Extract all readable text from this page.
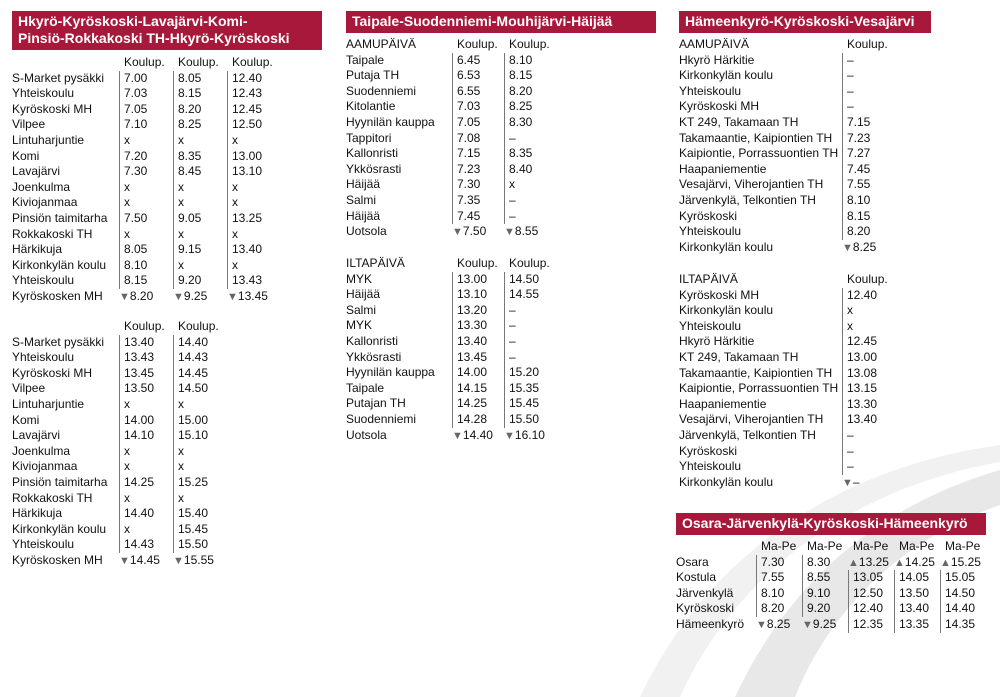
Hkyrö-Kyröskoski-Lavajärvi-Komi-
Pinsiö-Rokkakoski TH-Hkyrö-Kyröskoski
Koulup.	Koulup.	Koulup.
S-Market pysäkki	7.00	8.05	12.40
Yhteiskoulu	7.03	8.15	12.43
Kyröskoski MH	7.05	8.20	12.45
Vilpee	7.10	8.25	12.50
Lintuharjuntie	x	x	x
Komi	7.20	8.35	13.00
Lavajärvi	7.30	8.45	13.10
Joenkulma	x	x	x
Kiviojanmaa	x	x	x
Pinsiön taimitarha	7.50	9.05	13.25
Rokkakoski TH	x	x	x
Härkikuja	8.05	9.15	13.40
Kirkonkylän koulu	8.10	x	x
Yhteiskoulu	8.15	9.20	13.43
Kyröskosken MH	▼8.20	▼9.25	▼13.45
Koulup.	Koulup.
S-Market pysäkki	13.40	14.40
Yhteiskoulu	13.43	14.43
Kyröskoski MH	13.45	14.45
Vilpee	13.50	14.50
Lintuharjuntie	x	x
Komi	14.00	15.00
Lavajärvi	14.10	15.10
Joenkulma	x	x
Kiviojanmaa	x	x
Pinsiön taimitarha	14.25	15.25
Rokkakoski TH	x	x
Härkikuja	14.40	15.40
Kirkonkylän koulu	x	15.45
Yhteiskoulu	14.43	15.50
Kyröskosken MH	▼14.45	▼15.55
Taipale-Suodenniemi-Mouhijärvi-Häijää
AAMUPÄIVÄ	Koulup. Koulup.
Taipale	6.45	8.10
Putaja TH	6.53	8.15
Suodenniemi	6.55	8.20
Kitolantie	7.03	8.25
Hyynilän kauppa	7.05	8.30
Tappitori	7.08	–
Kallonristi	7.15	8.35
Ykkösrasti	7.23	8.40
Häijää	7.30	x
Salmi	7.35	–
Häijää	7.45	–
Uotsola	▼7.50	▼8.55
ILTAPÄIVÄ	Koulup. Koulup.
MYK	13.00	14.50
Häijää	13.10	14.55
Salmi	13.20	–
MYK	13.30	–
Kallonristi	13.40	–
Ykkösrasti	13.45	–
Hyynilän kauppa	14.00	15.20
Taipale	14.15	15.35
Putajan TH	14.25	15.45
Suodenniemi	14.28	15.50
Uotsola	▼14.40	▼16.10
Hämeenkyrö-Kyröskoski-Vesajärvi
AAMUPÄIVÄ	Koulup.
Hkyrö Härkitie	–
Kirkonkylän koulu	–
Yhteiskoulu	–
Kyröskoski MH	–
KT 249, Takamaan TH	7.15
Takamaantie, Kaipiontien TH	7.23
Kaipiontie, Porrassuontien TH 7.27
Haapaniementie	7.45
Vesajärvi, Viherojantien TH	7.55
Järvenkylä, Telkontien TH	8.10
Kyröskoski	8.15
Yhteiskoulu	8.20
Kirkonkylän koulu	▼8.25
ILTAPÄIVÄ	Koulup.
Kyröskoski MH	12.40
Kirkonkylän koulu	x
Yhteiskoulu	x
Hkyrö Härkitie	12.45
KT 249, Takamaan TH	13.00
Takamaantie, Kaipiontien TH	13.08
Kaipiontie, Porrassuontien TH 13.15
Haapaniementie	13.30
Vesajärvi, Viherojantien TH	13.40
Järvenkylä, Telkontien TH	–
Kyröskoski	–
Yhteiskoulu	–
Kirkonkylän koulu	▼–
Osara-Järvenkylä-Kyröskoski-Hämeenkyrö
Ma-Pe Ma-Pe Ma-Pe Ma-Pe Ma-Pe
Osara	7.30	8.30	▲13.25 ▲14.25 ▲15.25
Kostula	7.55	8.55	13.05	14.05	15.05
Järvenkylä	8.10	9.10	12.50	13.50	14.50
Kyröskoski	8.20	9.20	12.40	13.40	14.40
Hämeenkyrö	▼8.25	▼9.25	12.35	13.35	14.35
